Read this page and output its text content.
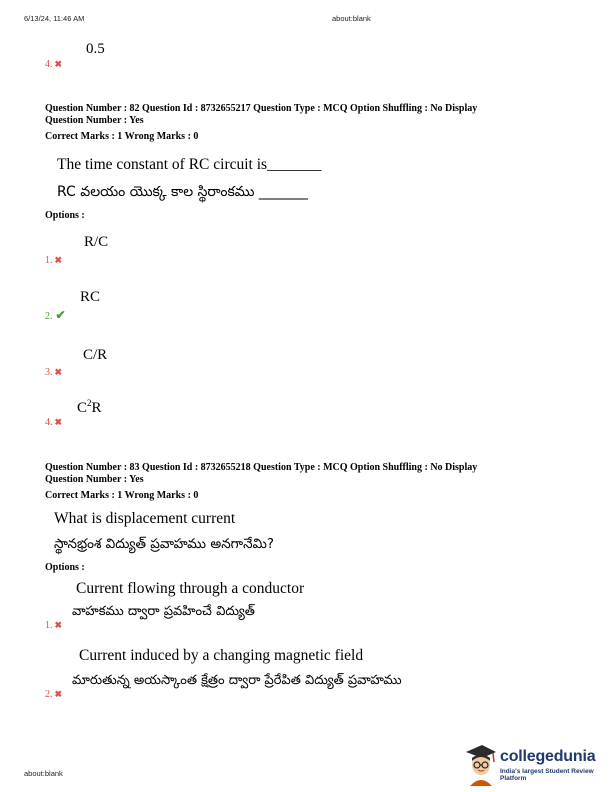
6/13/24, 11:46 AM	about:blank
0.5
4. ✖
Question Number : 82 Question Id : 8732655217 Question Type : MCQ Option Shuffling : No Display
Question Number : Yes
Correct Marks : 1 Wrong Marks : 0
The time constant of RC circuit is_______
RC వలయం యొక్క కాల స్థిరాంకము _______
Options :
R/C
1. ✖
RC
2. ✔
C/R
3. ✖
$C^2R$
4. ✖
Question Number : 83 Question Id : 8732655218 Question Type : MCQ Option Shuffling : No Display
Question Number : Yes
Correct Marks : 1 Wrong Marks : 0
What is displacement current
స్థానభ్రంశ విద్యుత్ ప్రవాహము అనగానేమి?
Options :
Current flowing through a conductor
వాహకము ద్వారా ప్రవహించే విద్యుత్
1. ✖
Current induced by a changing magnetic field
మారుతున్న అయస్కాంత క్షేత్రం ద్వారా ప్రేరేపిత విద్యుత్ ప్రవాహము
2. ✖
about:blank
collegedunia
India's largest Student Review Platform
